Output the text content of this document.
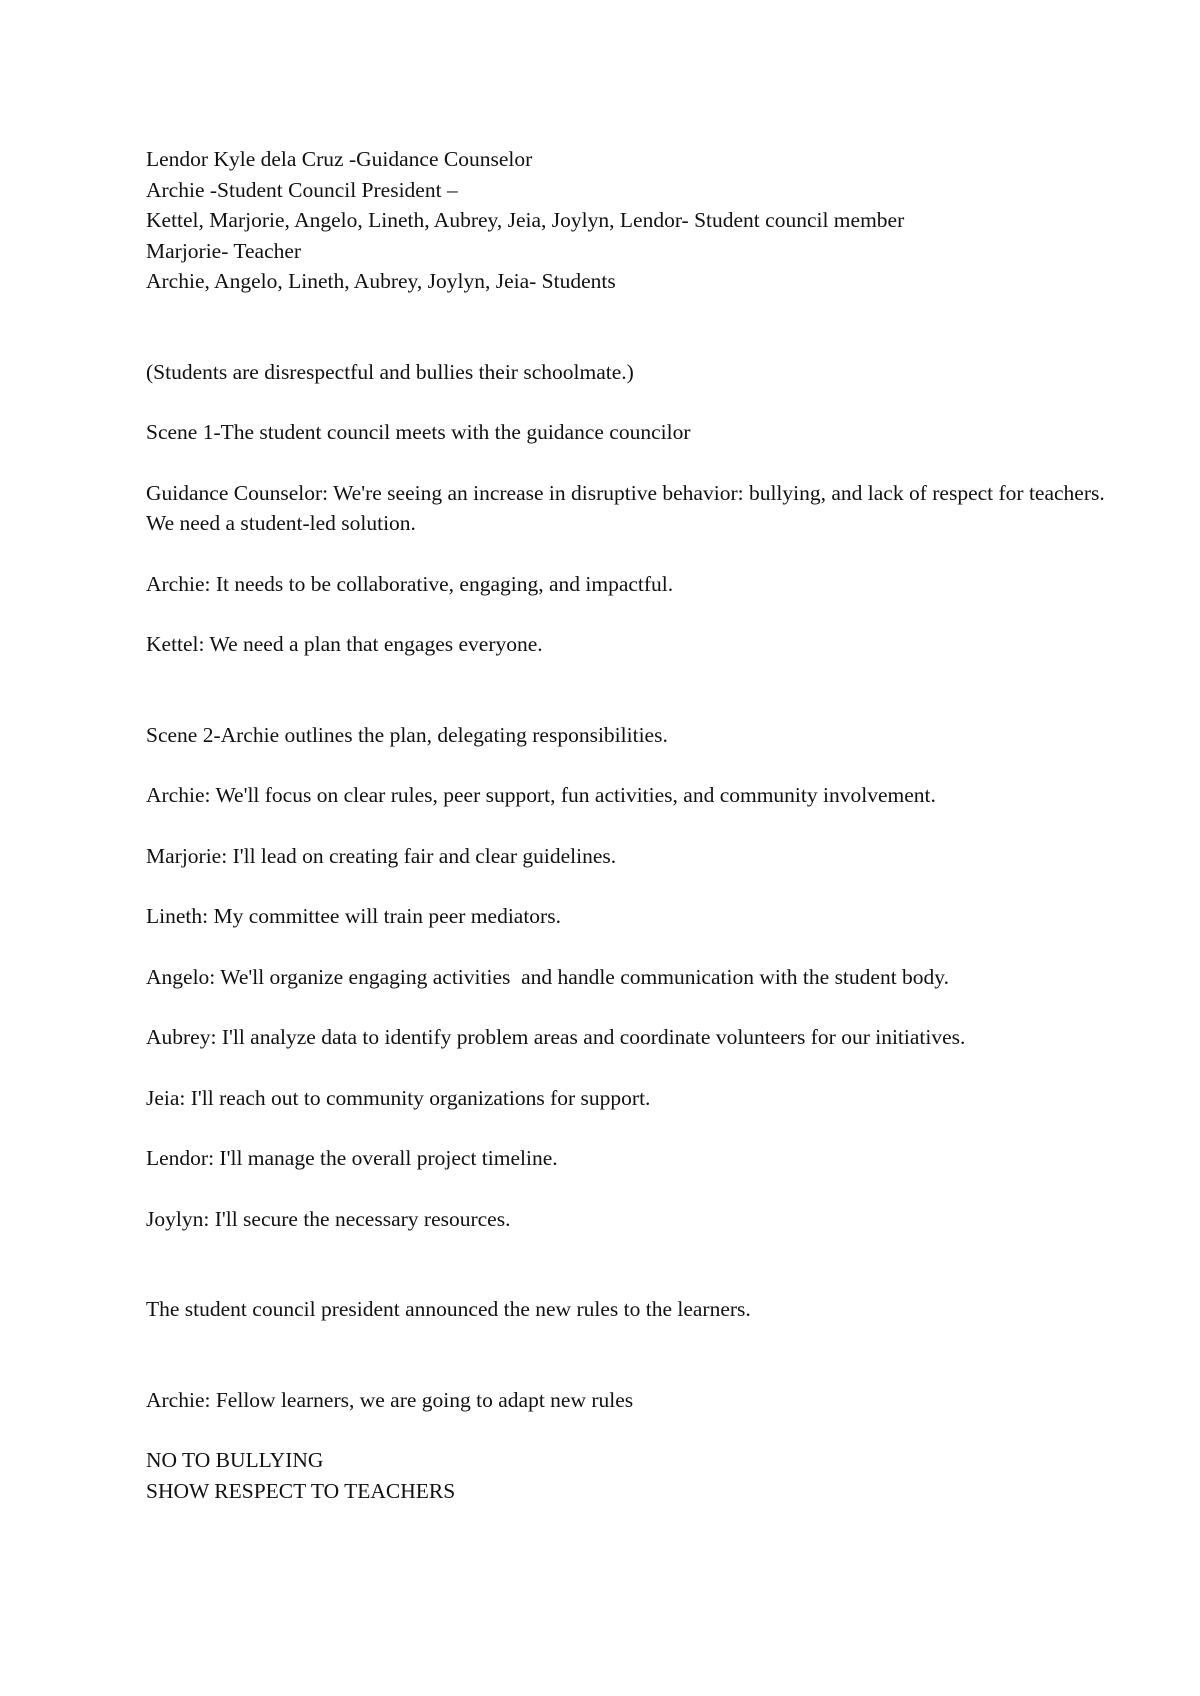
Lendor Kyle dela Cruz -Guidance Counselor
Archie -Student Council President –
Kettel, Marjorie, Angelo, Lineth, Aubrey, Jeia, Joylyn, Lendor- Student council member
Marjorie- Teacher
Archie, Angelo, Lineth, Aubrey, Joylyn, Jeia- Students
(Students are disrespectful and bullies their schoolmate.)
Scene 1-The student council meets with the guidance councilor
Guidance Counselor: We're seeing an increase in disruptive behavior: bullying, and lack of respect for teachers. We need a student-led solution.
Archie: It needs to be collaborative, engaging, and impactful.
Kettel: We need a plan that engages everyone.
Scene 2-Archie outlines the plan, delegating responsibilities.
Archie: We'll focus on clear rules, peer support, fun activities, and community involvement.
Marjorie: I'll lead on creating fair and clear guidelines.
Lineth: My committee will train peer mediators.
Angelo: We'll organize engaging activities  and handle communication with the student body.
Aubrey: I'll analyze data to identify problem areas and coordinate volunteers for our initiatives.
Jeia: I'll reach out to community organizations for support.
Lendor: I'll manage the overall project timeline.
Joylyn: I'll secure the necessary resources.
The student council president announced the new rules to the learners.
Archie: Fellow learners, we are going to adapt new rules
NO TO BULLYING
SHOW RESPECT TO TEACHERS
